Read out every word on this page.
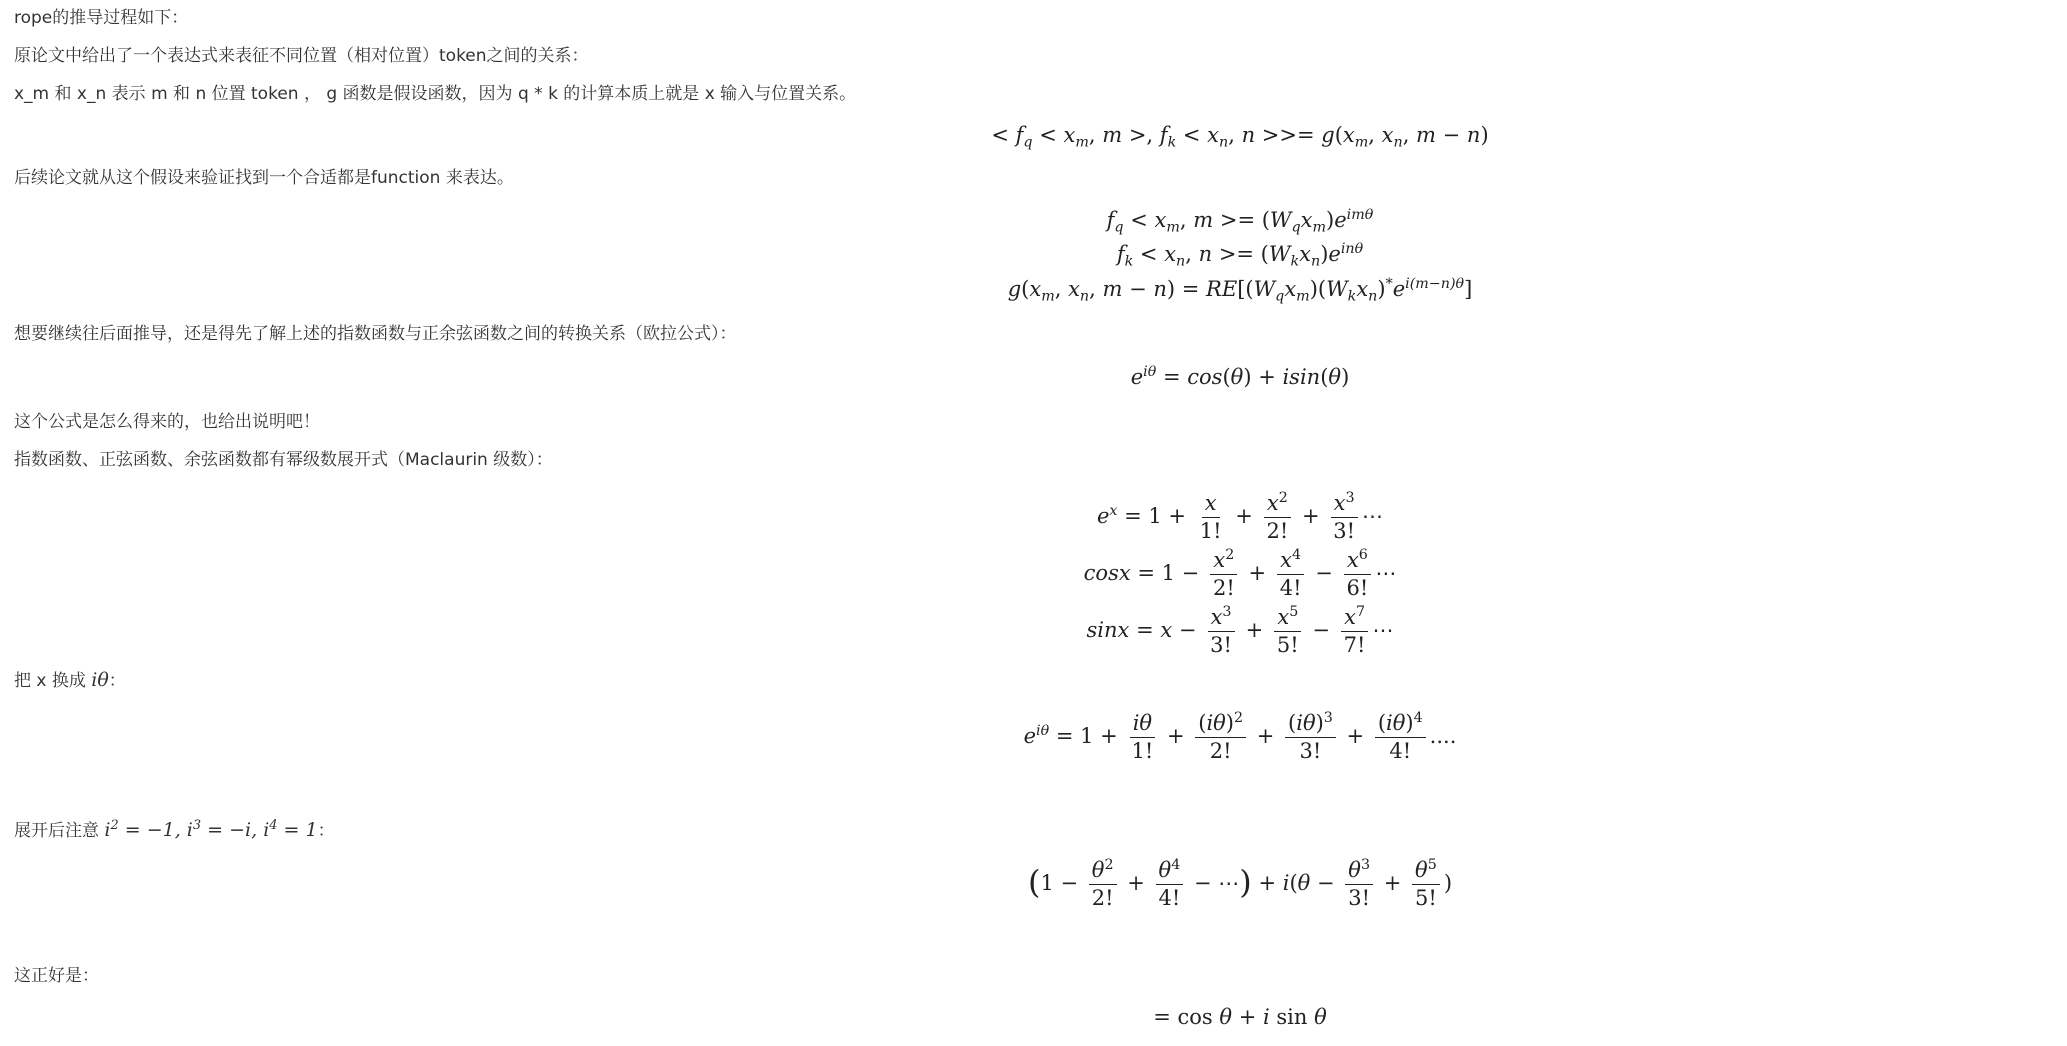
rope的推导过程如下：
原论文中给出了一个表达式来表征不同位置（相对位置）token之间的关系：
x_m 和 x_n 表示 m 和 n 位置 token ， g 函数是假设函数，因为 q * k 的计算本质上就是 x 输入与位置关系。
< $f_q < x_m$, m >, $f_k < x_n$, n >>= $g(x_m$, $x_n$, m − n)
后续论文就从这个假设来验证找到一个合适都是function 来表达。
$f_q < x_m$, $m >= (W_qx_m)e^{im\theta}$
$f_k < x_n$, $n >= (W_kx_n)e^{in\theta}$
$g(x_m$, $x_n$, $m - n) = RE[(W_qx_m)(W_kx_n)^*e^{i(m-n)\theta}]$
想要继续往后面推导，还是得先了解上述的指数函数与正余弦函数之间的转换关系（欧拉公式）：
$e^{i\theta} = \cos(\theta) + isin(\theta)$
这个公式是怎么得来的，也给出说明吧！
指数函数、正弦函数、余弦函数都有幂级数展开式（Maclaurin 级数）：
$e^x = 1 + \frac{x}{1!} + \frac{x^2}{2!} + \frac{x^3}{3!}$ ⋯
$\cos x = 1 - \frac{x^2}{2!} + \frac{x^4}{4!} - \frac{x^6}{6!}$ ⋯
$\sin x = x - \frac{x^3}{3!} + \frac{x^5}{5!} - \frac{x^7}{7!}$ ⋯
把 x 换成 iθ：
$e^{i\theta} = 1 + \frac{i\theta}{1!} + \frac{(i\theta)^2}{2!} + \frac{(i\theta)^3}{3!} + \frac{(i\theta)^4}{4!}$ ....
展开后注意 $i^2 = -1$, $i^3 = -i$, $i^4 = 1$：
($1 - \frac{\theta^2}{2!} + \frac{\theta^4}{4!}$ − ⋯) + $i(\theta - \frac{\theta^3}{3!} + \frac{\theta^5}{5!}$ )
这正好是：
= cos θ + i sin θ
